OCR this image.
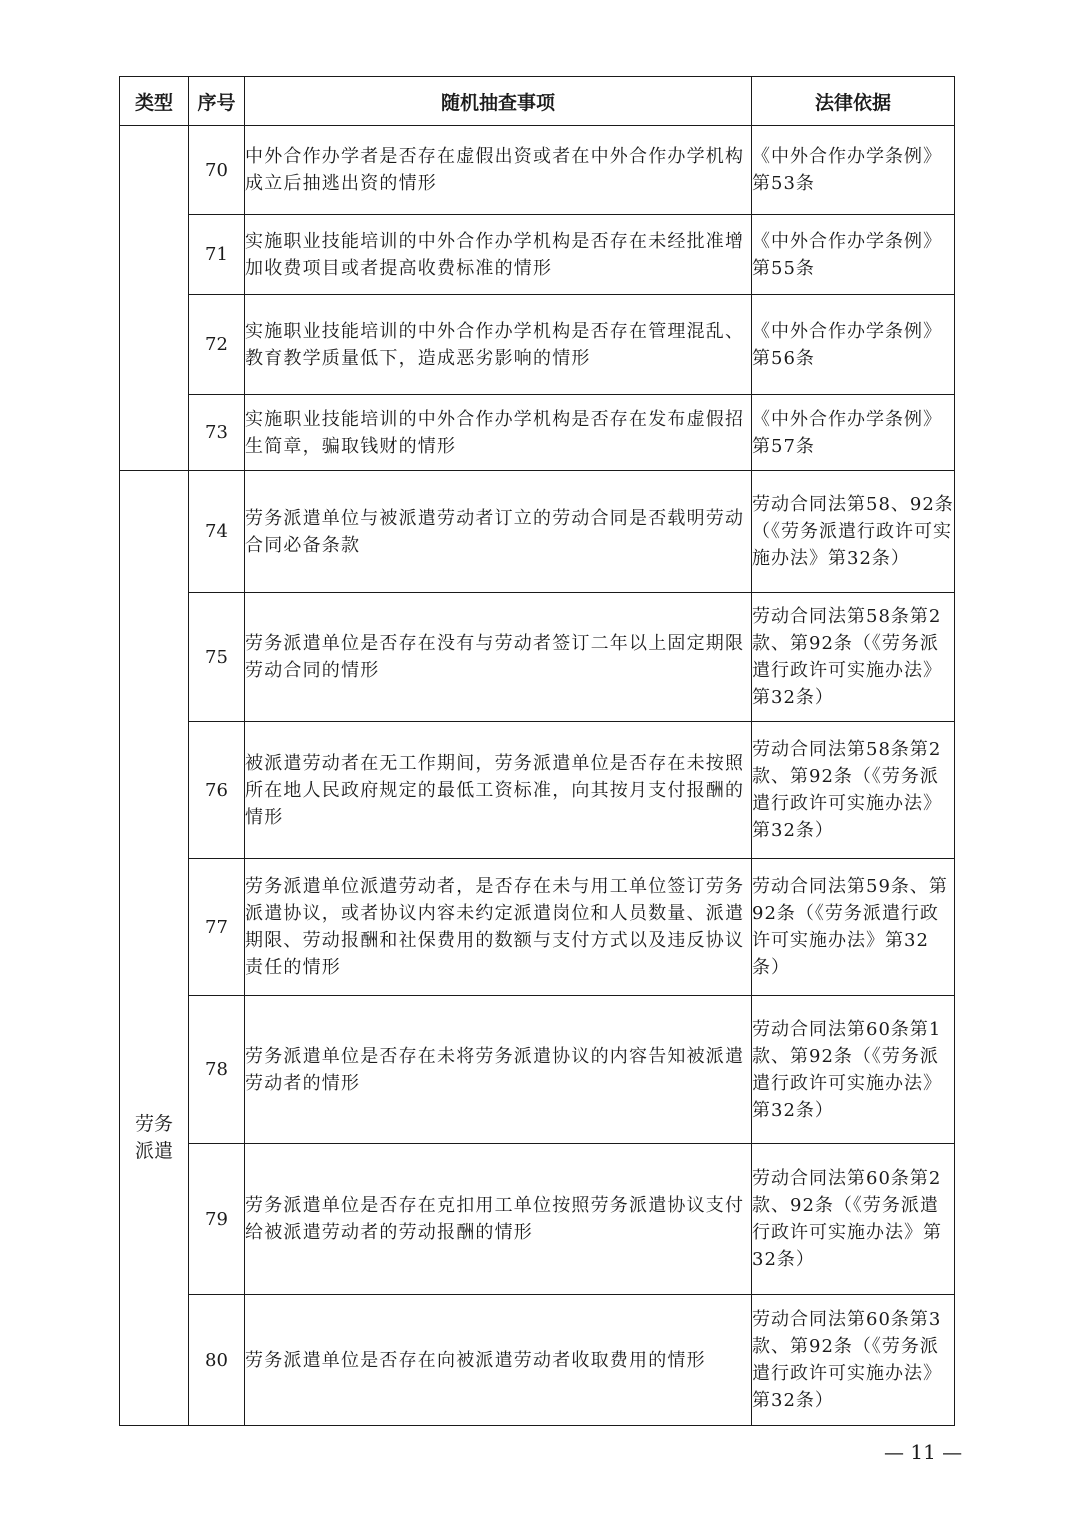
类型	序号	随机抽查事项	法律依据
	70	中外合作办学者是否存在虚假出资或者在中外合作办学机构成立后抽逃出资的情形	《中外合作办学条例》第53条
	71	实施职业技能培训的中外合作办学机构是否存在未经批准增加收费项目或者提高收费标准的情形	《中外合作办学条例》第55条
	72	实施职业技能培训的中外合作办学机构是否存在管理混乱、教育教学质量低下，造成恶劣影响的情形	《中外合作办学条例》第56条
	73	实施职业技能培训的中外合作办学机构是否存在发布虚假招生简章，骗取钱财的情形	《中外合作办学条例》第57条
劳务派遣	74	劳务派遣单位与被派遣劳动者订立的劳动合同是否载明劳动合同必备条款	劳动合同法第58、92条（《劳务派遣行政许可实施办法》第32条）
	75	劳务派遣单位是否存在没有与劳动者签订二年以上固定期限劳动合同的情形	劳动合同法第58条第2款、第92条（《劳务派遣行政许可实施办法》第32条）
	76	被派遣劳动者在无工作期间，劳务派遣单位是否存在未按照所在地人民政府规定的最低工资标准，向其按月支付报酬的情形	劳动合同法第58条第2款、第92条（《劳务派遣行政许可实施办法》第32条）
	77	劳务派遣单位派遣劳动者，是否存在未与用工单位签订劳务派遣协议，或者协议内容未约定派遣岗位和人员数量、派遣期限、劳动报酬和社保费用的数额与支付方式以及违反协议责任的情形	劳动合同法第59条、第92条（《劳务派遣行政许可实施办法》第32条）
	78	劳务派遣单位是否存在未将劳务派遣协议的内容告知被派遣劳动者的情形	劳动合同法第60条第1款、第92条（《劳务派遣行政许可实施办法》第32条）
	79	劳务派遣单位是否存在克扣用工单位按照劳务派遣协议支付给被派遣劳动者的劳动报酬的情形	劳动合同法第60条第2款、92条（《劳务派遣行政许可实施办法》第32条）
	80	劳务派遣单位是否存在向被派遣劳动者收取费用的情形	劳动合同法第60条第3款、第92条（《劳务派遣行政许可实施办法》第32条）
— 11 —
